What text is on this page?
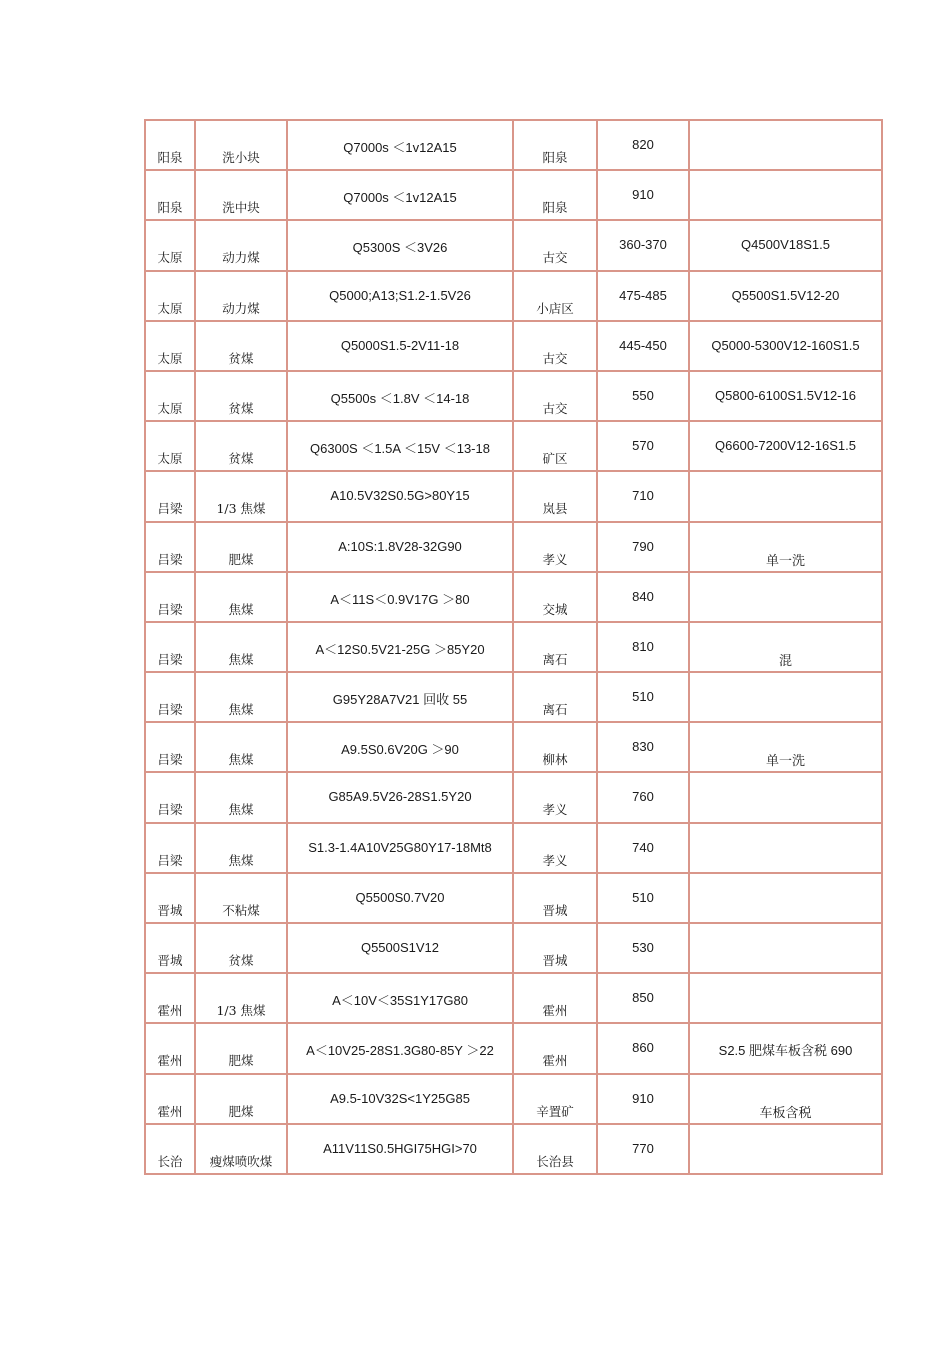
阳泉	洗小块	Q7000s ＜1v12A15	阳泉	820	

阳泉	洗中块	Q7000s ＜1v12A15	阳泉	910	

太原	动力煤	Q5300S ＜3V26	古交	360-370	Q4500V18S1.5

太原	动力煤	Q5000;A13;S1.2-1.5V26	小店区	475-485	Q5500S1.5V12-20

太原	贫煤	Q5000S1.5-2V11-18	古交	445-450	Q5000-5300V12-160S1.5

太原	贫煤	Q5500s ＜1.8V ＜14-18	古交	550	Q5800-6100S1.5V12-16

太原	贫煤	Q6300S ＜1.5A ＜15V ＜13-18	矿区	570	Q6600-7200V12-16S1.5

吕梁	1/3 焦煤	A10.5V32S0.5G>80Y15	岚县	710	

吕梁	肥煤	A:10S:1.8V28-32G90	孝义	790	单一洗

吕梁	焦煤	A＜11S＜0.9V17G ＞80	交城	840	

吕梁	焦煤	A＜12S0.5V21-25G ＞85Y20	离石	810	混

吕梁	焦煤	G95Y28A7V21 回收 55	离石	510	

吕梁	焦煤	A9.5S0.6V20G ＞90	柳林	830	单一洗

吕梁	焦煤	G85A9.5V26-28S1.5Y20	孝义	760	

吕梁	焦煤	S1.3-1.4A10V25G80Y17-18Mt8	孝义	740	

晋城	不粘煤	Q5500S0.7V20	晋城	510	

晋城	贫煤	Q5500S1V12	晋城	530	

霍州	1/3 焦煤	A＜10V＜35S1Y17G80	霍州	850	

霍州	肥煤	A＜10V25-28S1.3G80-85Y ＞22	霍州	860	S2.5 肥煤车板含税 690

霍州	肥煤	A9.5-10V32S<1Y25G85	辛置矿	910	车板含税

长治	瘦煤喷吹煤	A11V11S0.5HGI75HGI>70	长治县	770	
